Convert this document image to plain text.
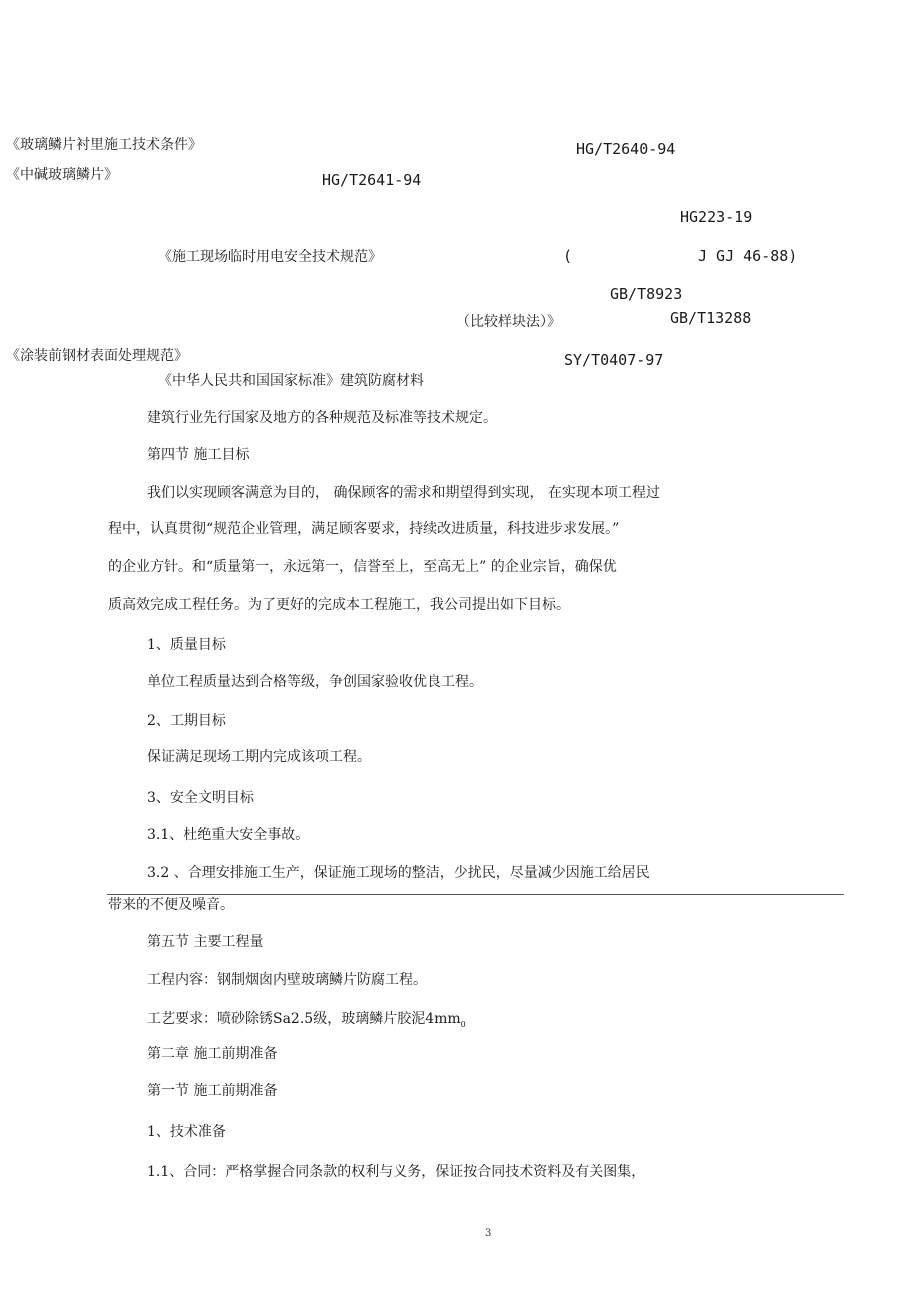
《玻璃鳞片衬里施工技术条件》	HG/T2640-94
《中碱玻璃鳞片》	HG/T2641-94
HG223-19
《施工现场临时用电安全技术规范》	(	J GJ 46-88)
GB/T8923
（比较样块法）》	GB/T13288
《涂装前钢材表面处理规范》	SY/T0407-97
《中华人民共和国国家标准》建筑防腐材料
建筑行业先行国家及地方的各种规范及标准等技术规定。
第四节 施工目标
我们以实现顾客满意为目的， 确保顾客的需求和期望得到实现， 在实现本项工程过
程中，认真贯彻“规范企业管理，满足顾客要求，持续改进质量，科技进步求发展。”
的企业方针。和“质量第一，永远第一，信誉至上，至高无上” 的企业宗旨，确保优
质高效完成工程任务。为了更好的完成本工程施工，我公司提出如下目标。
1、质量目标
单位工程质量达到合格等级，争创国家验收优良工程。
2、工期目标
保证满足现场工期内完成该项工程。
3、安全文明目标
3.1、杜绝重大安全事故。
3.2 、合理安排施工生产，保证施工现场的整洁，少扰民，尽量减少因施工给居民
带来的不便及噪音。
第五节 主要工程量
工程内容：钢制烟囱内壁玻璃鳞片防腐工程。
工艺要求：喷砂除锈Sa2.5级，玻璃鳞片胶泥$4mm_0$
第二章 施工前期准备
第一节 施工前期准备
1、技术准备
1.1、合同：严格掌握合同条款的权利与义务，保证按合同技术资料及有关图集，
3
